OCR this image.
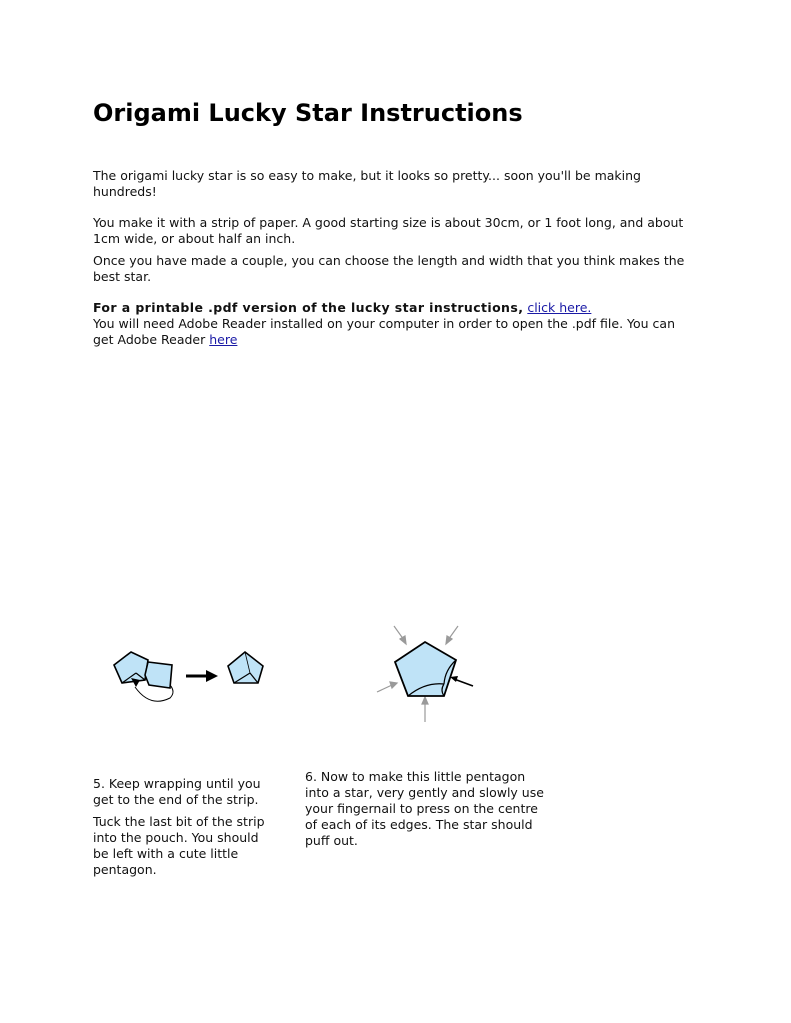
Origami Lucky Star Instructions

The origami lucky star is so easy to make, but it looks so pretty... soon you'll be making hundreds!

You make it with a strip of paper. A good starting size is about 30cm, or 1 foot long, and about 1cm wide, or about half an inch.

Once you have made a couple, you can choose the length and width that you think makes the best star.

For a printable .pdf version of the lucky star instructions, click here.
You will need Adobe Reader installed on your computer in order to open the .pdf file. You can get Adobe Reader here

5. Keep wrapping until you get to the end of the strip.

Tuck the last bit of the strip into the pouch. You should be left with a cute little pentagon.

6. Now to make this little pentagon into a star, very gently and slowly use your fingernail to press on the centre of each of its edges. The star should puff out.
